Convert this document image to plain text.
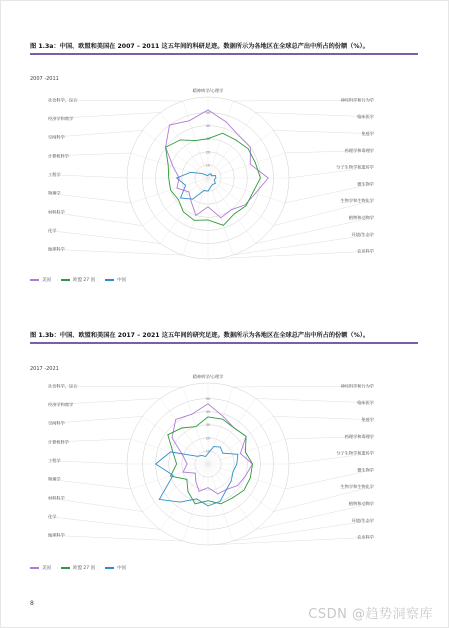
图 1.3a：中国、欧盟和美国在 2007 – 2011 这五年间的科研足迹。数据所示为各地区在全球总产出中所占的份额（%）。
2007 -2011
10
20
30
40
50
精神病学/心理学
神经科学和行为学
临床医学
免疫学
药理学和毒理学
分子生物学和遗传学
微生物学
生物学和生物化学
植物和动物学
环境/生态学
农业科学
地球科学
化学
材料科学
物理学
工程学
计算机科学
空间科学
经济学和商学
社会科学，综合
美国	欧盟 27 国	中国
图 1.3b：中国、欧盟和美国在 2017 – 2021 这五年间的研究足迹。数据所示为各地区在全球总产出中所占的份额（%）。
2017 -2021
10
20
30
40
50
精神病学/心理学
神经科学和行为学
临床医学
免疫学
药理学和毒理学
分子生物学和遗传学
微生物学
生物学和生物化学
植物和动物学
环境/生态学
农业科学
地球科学
化学
材料科学
物理学
工程学
计算机科学
空间科学
经济学和商学
社会科学，综合
美国	欧盟 27 国	中国
8
CSDN @趋势洞察库
